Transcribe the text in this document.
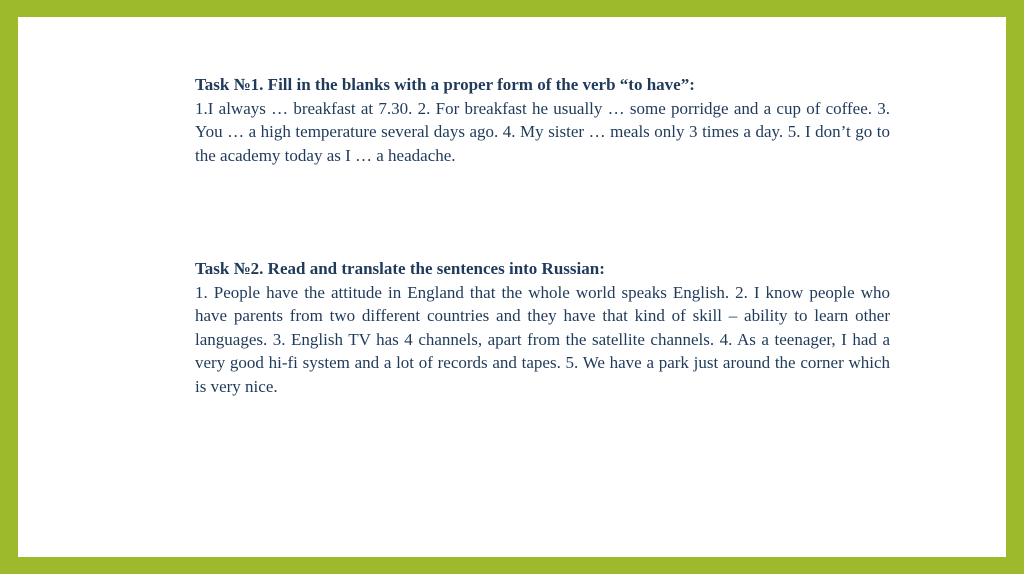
Task №1. Fill in the blanks with a proper form of the verb “to have”:

1.I always … breakfast at 7.30. 2. For breakfast he usually … some porridge and a cup of coffee. 3. You … a high temperature several days ago. 4. My sister … meals only 3 times a day. 5. I don’t go to the academy today as I … a headache.

Task №2. Read and translate the sentences into Russian:

1. People have the attitude in England that the whole world speaks English. 2. I know people who have parents from two different countries and they have that kind of skill – ability to learn other languages. 3. English TV has 4 channels, apart from the satellite channels. 4. As a teenager, I had a very good hi-fi system and a lot of records and tapes. 5. We have a park just around the corner which is very nice.
